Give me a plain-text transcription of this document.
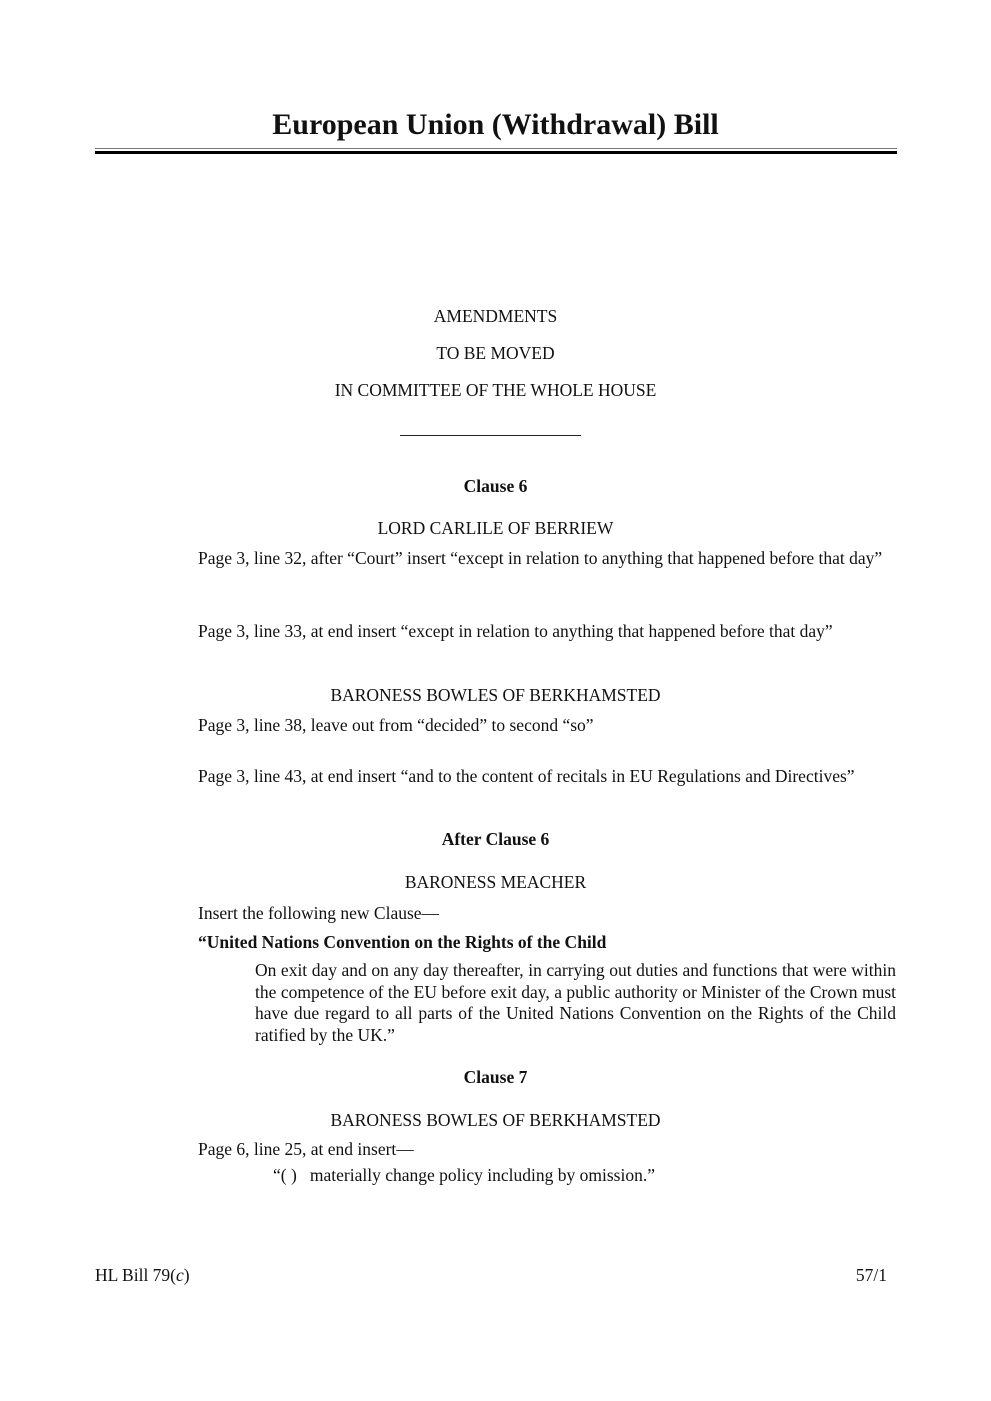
European Union (Withdrawal) Bill
AMENDMENTS
TO BE MOVED
IN COMMITTEE OF THE WHOLE HOUSE
Clause 6
LORD CARLILE OF BERRIEW
Page 3, line 32, after “Court” insert “except in relation to anything that happened before that day”
Page 3, line 33, at end insert “except in relation to anything that happened before that day”
BARONESS BOWLES OF BERKHAMSTED
Page 3, line 38, leave out from “decided” to second “so”
Page 3, line 43, at end insert “and to the content of recitals in EU Regulations and Directives”
After Clause 6
BARONESS MEACHER
Insert the following new Clause—
“United Nations Convention on the Rights of the Child
On exit day and on any day thereafter, in carrying out duties and functions that were within the competence of the EU before exit day, a public authority or Minister of the Crown must have due regard to all parts of the United Nations Convention on the Rights of the Child ratified by the UK.”
Clause 7
BARONESS BOWLES OF BERKHAMSTED
Page 6, line 25, at end insert—
“( )  materially change policy including by omission.”
HL Bill 79(c)	57/1
